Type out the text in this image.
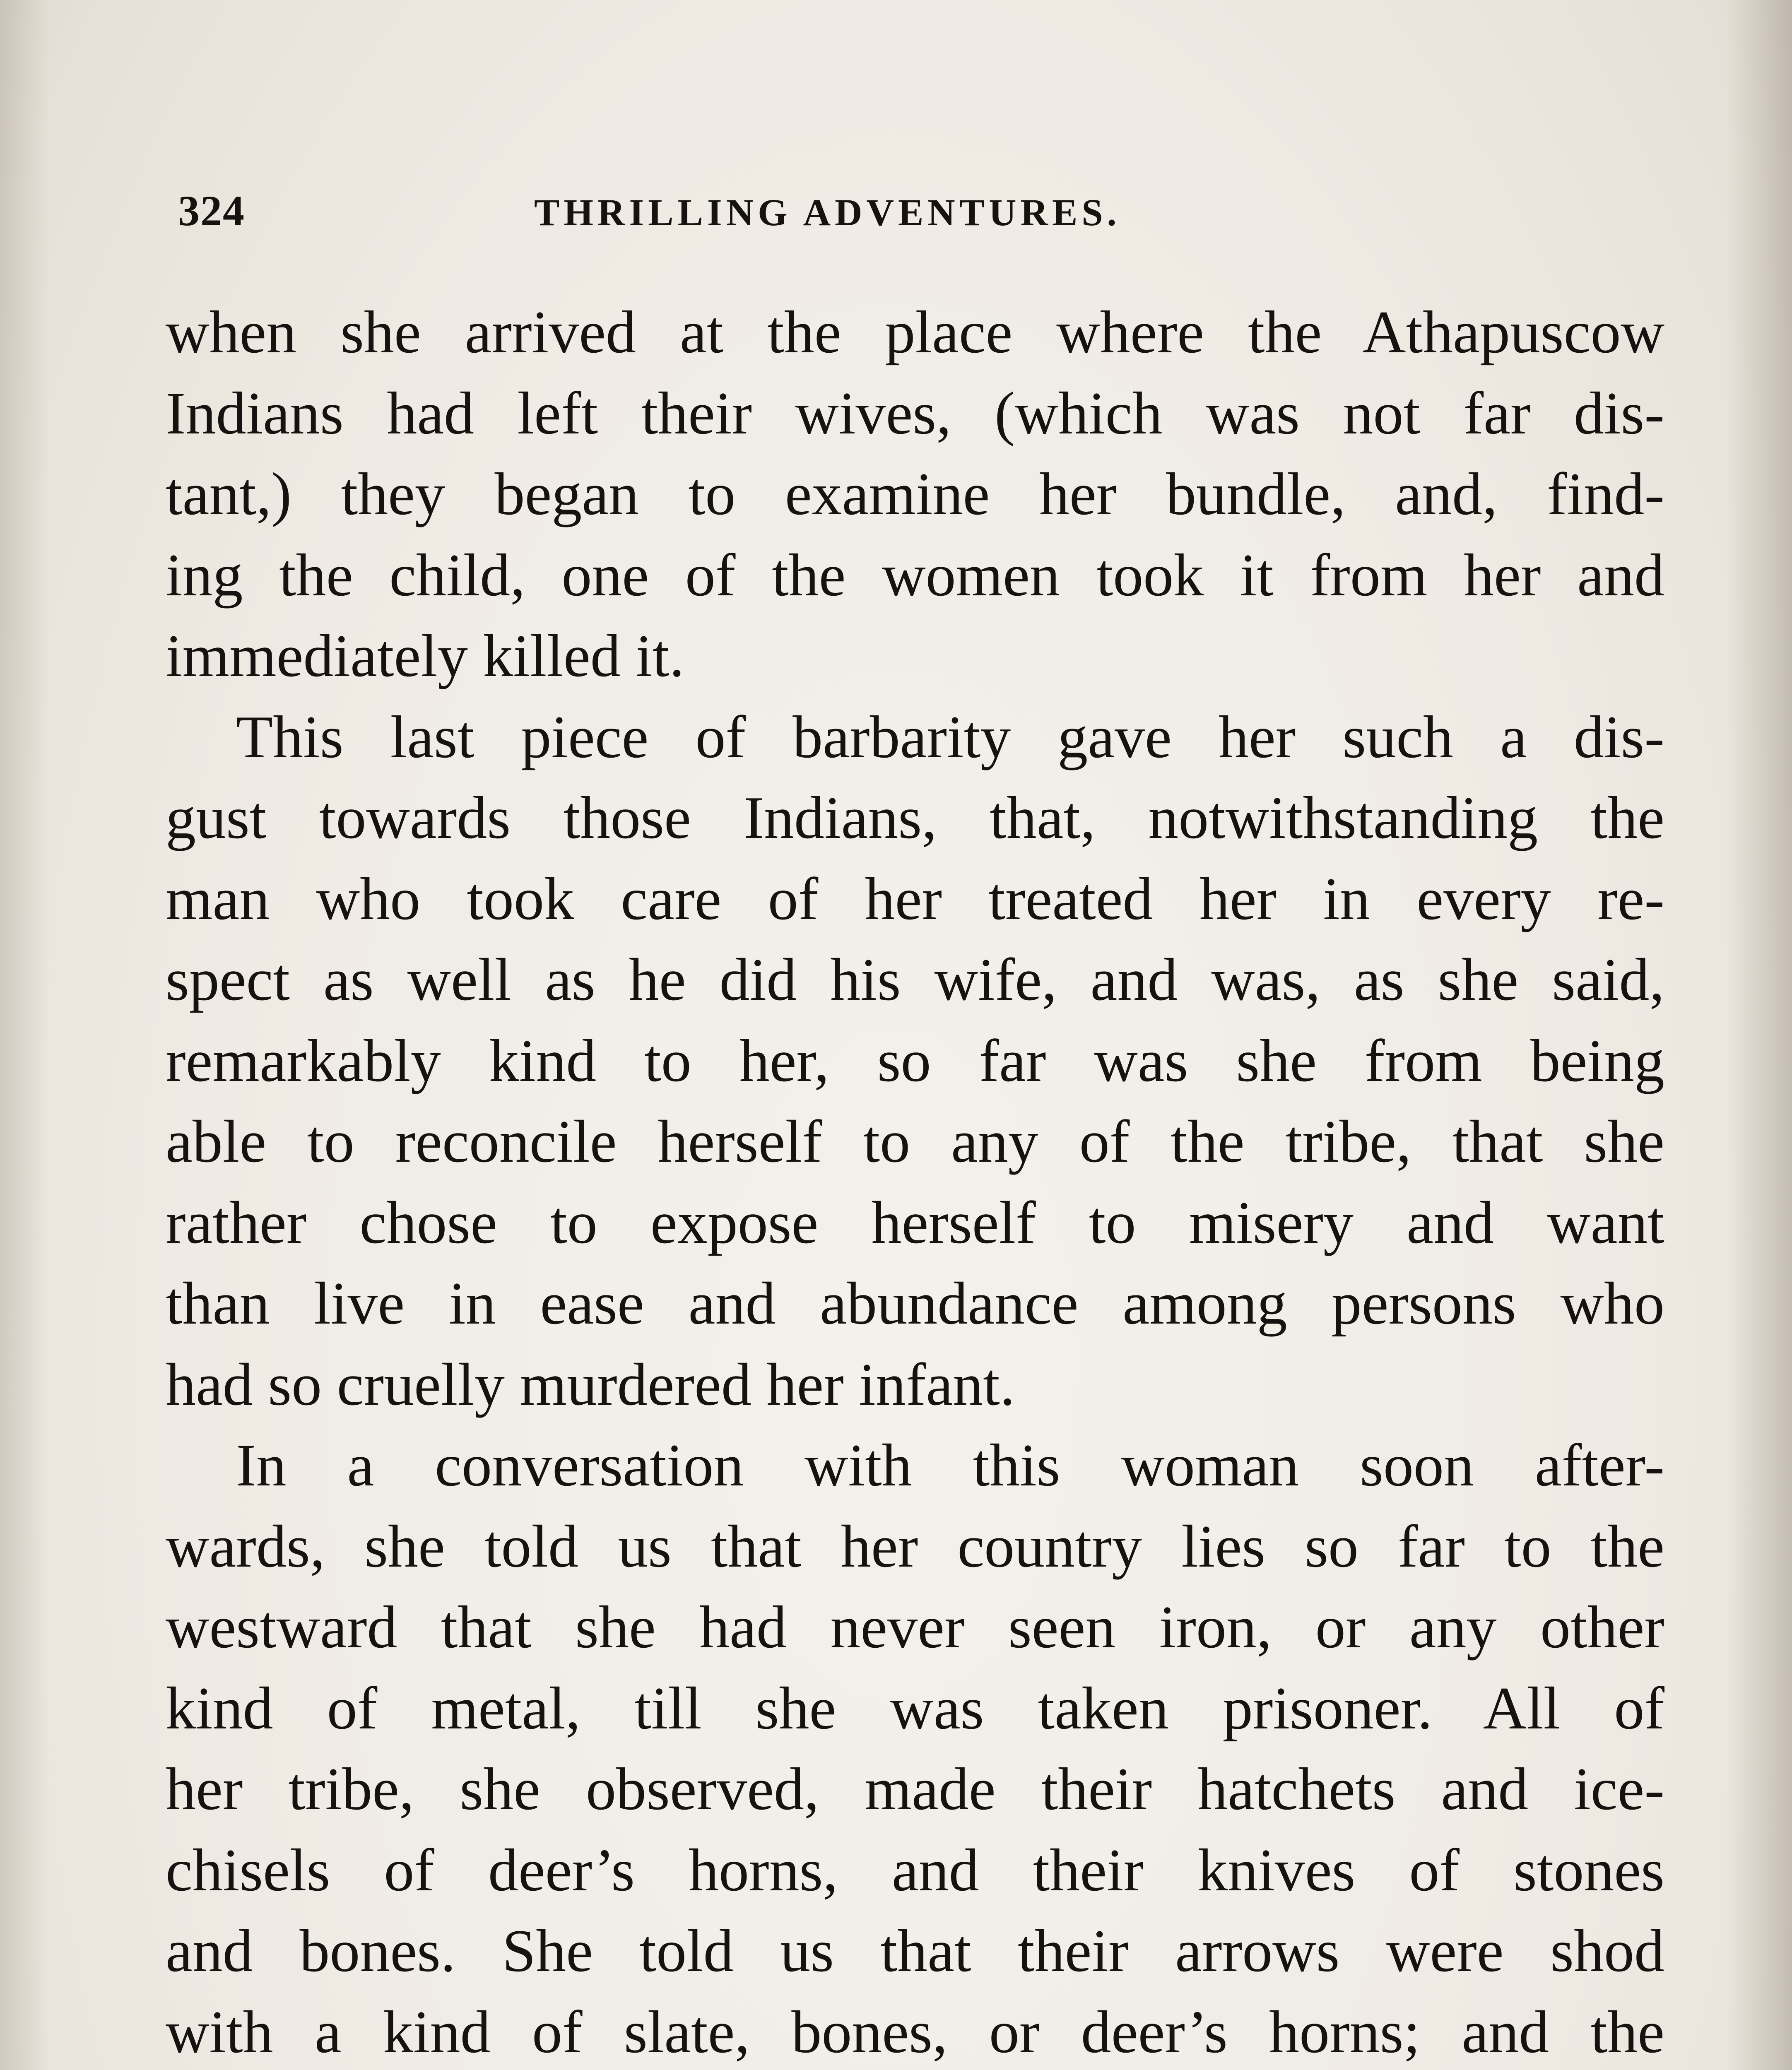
324	THRILLING ADVENTURES.
when she arrived at the place where the Athapuscow
Indians had left their wives, (which was not far dis-
tant,) they began to examine her bundle, and, find-
ing the child, one of the women took it from her and
immediately killed it.
This last piece of barbarity gave her such a dis-
gust towards those Indians, that, notwithstanding the
man who took care of her treated her in every re-
spect as well as he did his wife, and was, as she said,
remarkably kind to her, so far was she from being
able to reconcile herself to any of the tribe, that she
rather chose to expose herself to misery and want
than live in ease and abundance among persons who
had so cruelly murdered her infant.
In a conversation with this woman soon after-
wards, she told us that her country lies so far to the
westward that she had never seen iron, or any other
kind of metal, till she was taken prisoner. All of
her tribe, she observed, made their hatchets and ice-
chisels of deer’s horns, and their knives of stones
and bones. She told us that their arrows were shod
with a kind of slate, bones, or deer’s horns; and the
